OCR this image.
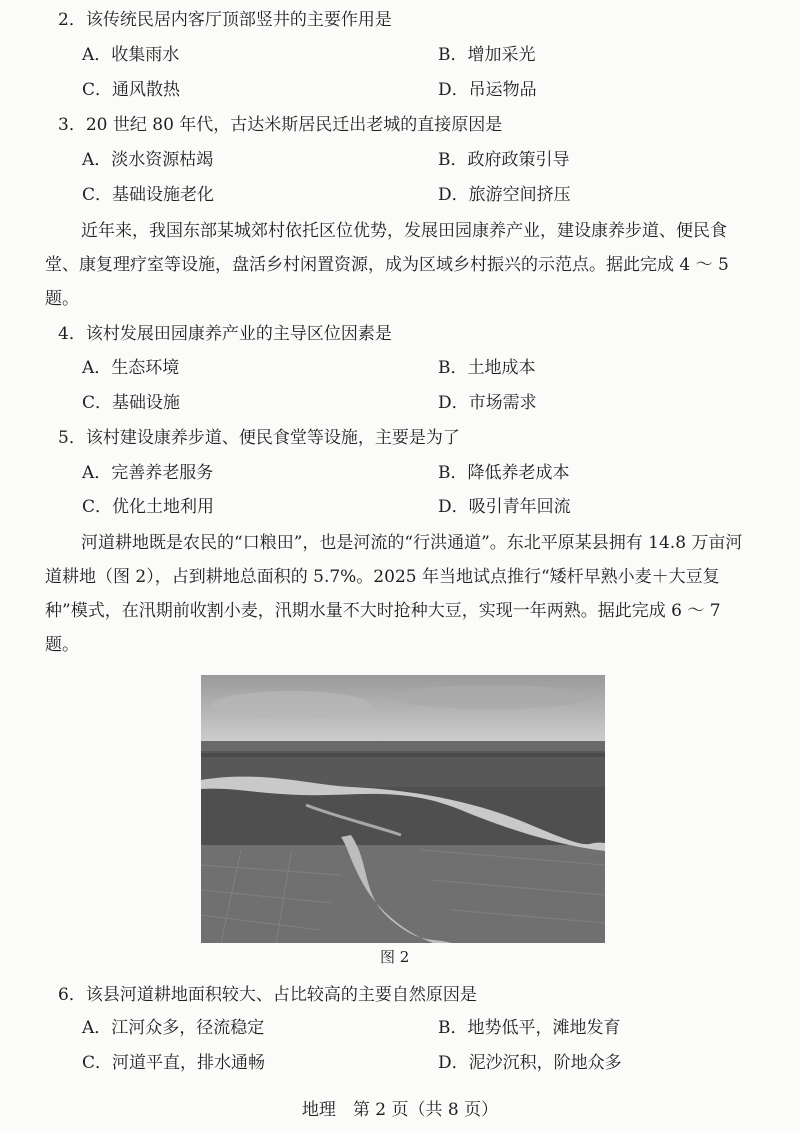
2．该传统民居内客厅顶部竖井的主要作用是
A．收集雨水	B．增加采光
C．通风散热	D．吊运物品
3．20 世纪 80 年代，古达米斯居民迁出老城的直接原因是
A．淡水资源枯竭	B．政府政策引导
C．基础设施老化	D．旅游空间挤压
近年来，我国东部某城郊村依托区位优势，发展田园康养产业，建设康养步道、便民食堂、康复理疗室等设施，盘活乡村闲置资源，成为区域乡村振兴的示范点。据此完成 4 ～ 5 题。
4．该村发展田园康养产业的主导区位因素是
A．生态环境	B．土地成本
C．基础设施	D．市场需求
5．该村建设康养步道、便民食堂等设施，主要是为了
A．完善养老服务	B．降低养老成本
C．优化土地利用	D．吸引青年回流
河道耕地既是农民的“口粮田”，也是河流的“行洪通道”。东北平原某县拥有 14.8 万亩河道耕地（图 2），占到耕地总面积的 5.7%。2025 年当地试点推行“矮杆早熟小麦＋大豆复种”模式，在汛期前收割小麦，汛期水量不大时抢种大豆，实现一年两熟。据此完成 6 ～ 7 题。
图 2
6．该县河道耕地面积较大、占比较高的主要自然原因是
A．江河众多，径流稳定	B．地势低平，滩地发育
C．河道平直，排水通畅	D．泥沙沉积，阶地众多
地理　第 2 页（共 8 页）
